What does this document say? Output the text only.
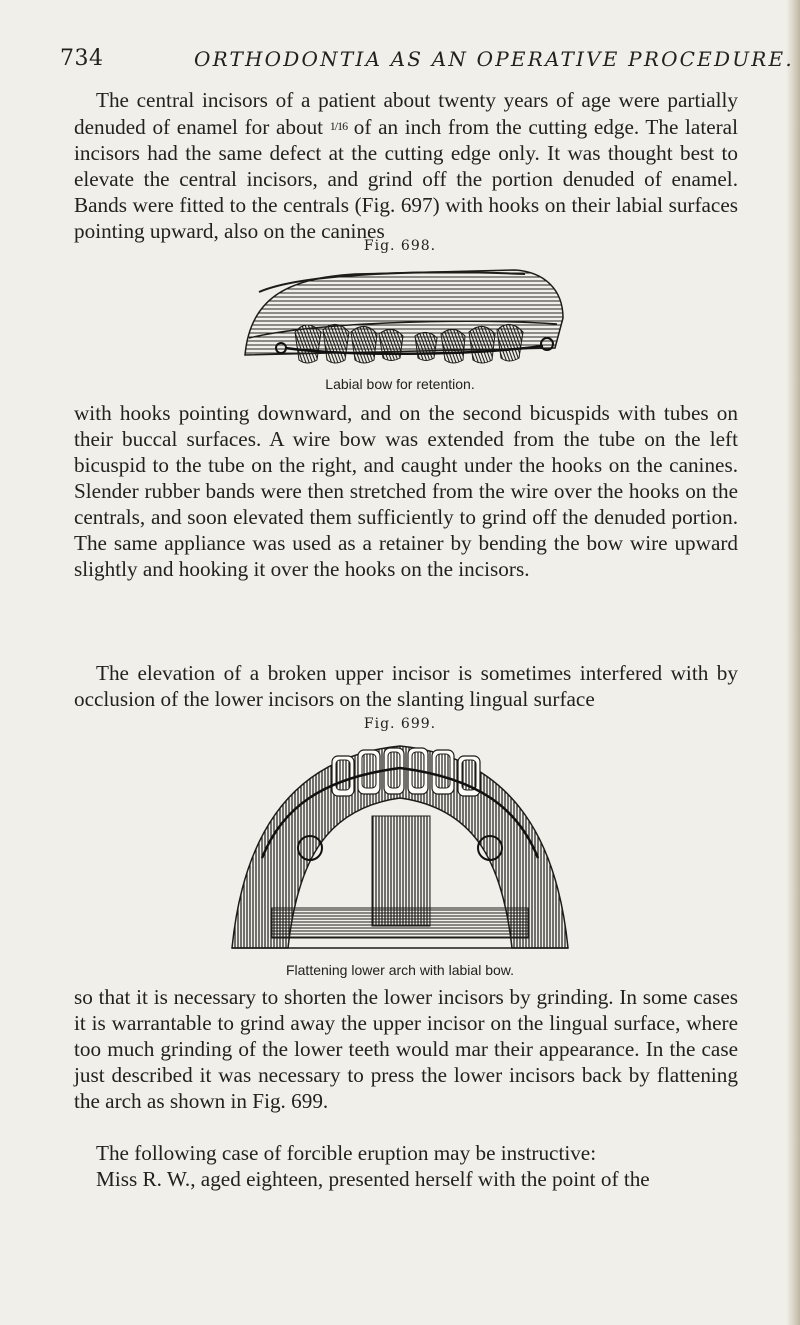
734	ORTHODONTIA AS AN OPERATIVE PROCEDURE.

The central incisors of a patient about twenty years of age were partially denuded of enamel for about 1/16 of an inch from the cutting edge. The lateral incisors had the same defect at the cutting edge only. It was thought best to elevate the central incisors, and grind off the portion denuded of enamel. Bands were fitted to the centrals (Fig. 697) with hooks on their labial surfaces pointing upward, also on the canines

Fig. 698.
Labial bow for retention.

with hooks pointing downward, and on the second bicuspids with tubes on their buccal surfaces. A wire bow was extended from the tube on the left bicuspid to the tube on the right, and caught under the hooks on the canines. Slender rubber bands were then stretched from the wire over the hooks on the centrals, and soon elevated them sufficiently to grind off the denuded portion. The same appliance was used as a retainer by bending the bow wire upward slightly and hooking it over the hooks on the incisors.

The elevation of a broken upper incisor is sometimes interfered with by occlusion of the lower incisors on the slanting lingual surface

Fig. 699.
Flattening lower arch with labial bow.

so that it is necessary to shorten the lower incisors by grinding. In some cases it is warrantable to grind away the upper incisor on the lingual surface, where too much grinding of the lower teeth would mar their appearance. In the case just described it was necessary to press the lower incisors back by flattening the arch as shown in Fig. 699.

The following case of forcible eruption may be instructive:

Miss R. W., aged eighteen, presented herself with the point of the
